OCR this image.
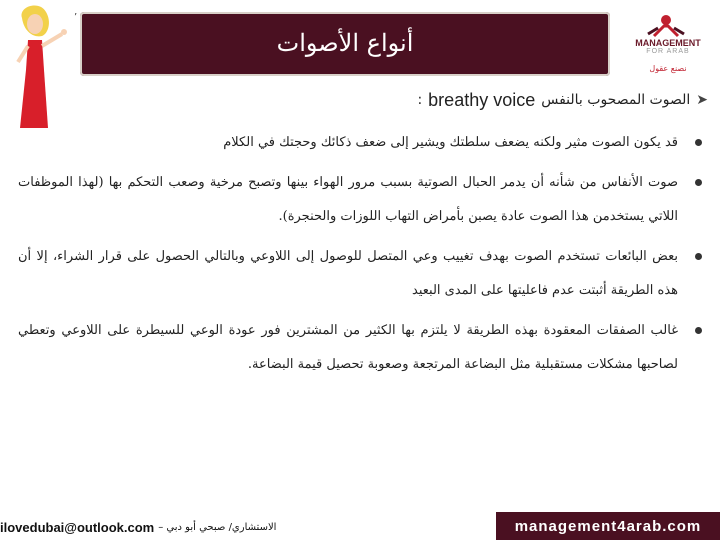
’
أنواع الأصوات	MANAGEMENT
FOR ARAB
نصنع عقول
➤
الصوت المصحوب بالنفس
breathy voice
:
قد يكون الصوت مثير ولكنه يضعف سلطتك ويشير إلى ضعف ذكائك وحجتك في الكلام
صوت الأنفاس من شأنه أن يدمر الحبال الصوتية بسبب مرور الهواء بينها وتصبح مرخية وصعب التحكم بها (لهذا الموظفات اللاتي يستخدمن هذا الصوت عادة يصبن بأمراض التهاب اللوزات والحنجرة).
بعض البائعات تستخدم الصوت بهدف تغييب وعي المتصل للوصول إلى اللاوعي وبالتالي الحصول على قرار الشراء، إلا أن هذه الطريقة أثبتت عدم فاعليتها على المدى البعيد
غالب الصفقات المعقودة بهذه الطريقة لا يلتزم بها الكثير من المشترين فور عودة الوعي للسيطرة على اللاوعي وتعطي لصاحبها مشكلات مستقبلية مثل البضاعة المرتجعة وصعوبة تحصيل قيمة البضاعة.
ilovedubai@outlook.com الاستشاري/ صبحي أبو دبي –	management4arab.com
